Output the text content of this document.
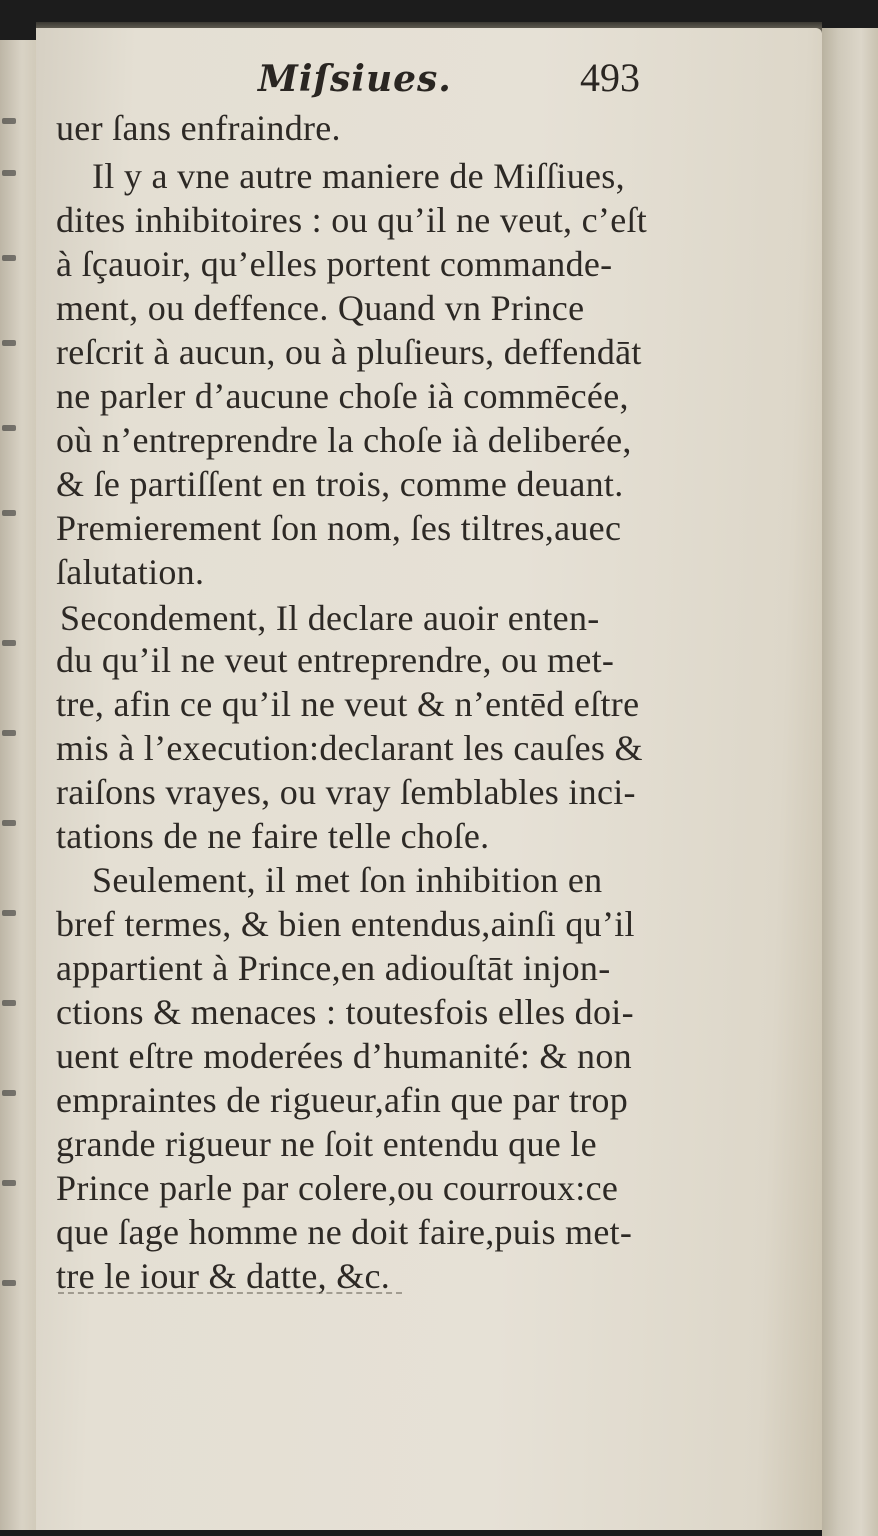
Miſsiues.	493
uer ſans enfraindre.
Il y a vne autre maniere de Miſſiues,
dites inhibitoires : ou qu’il ne veut, c’eſt
à ſçauoir, qu’elles portent commande-
ment, ou deffence. Quand vn Prince
reſcrit à aucun, ou à pluſieurs, deffendāt
ne parler d’aucune choſe ià commēcée,
où n’entreprendre la choſe ià deliberée,
& ſe partiſſent en trois, comme deuant.
Premierement ſon nom, ſes tiltres,auec
ſalutation.
Secondement, Il declare auoir enten-
du qu’il ne veut entreprendre, ou met-
tre, afin ce qu’il ne veut & n’entēd eſtre
mis à l’execution:declarant les cauſes &
raiſons vrayes, ou vray ſemblables inci-
tations de ne faire telle choſe.
Seulement, il met ſon inhibition en
bref termes, & bien entendus,ainſi qu’il
appartient à Prince,en adiouſtāt injon-
ctions & menaces : toutesfois elles doi-
uent eſtre moderées d’humanité: & non
empraintes de rigueur,afin que par trop
grande rigueur ne ſoit entendu que le
Prince parle par colere,ou courroux:ce
que ſage homme ne doit faire,puis met-
tre le iour & datte, &c.
